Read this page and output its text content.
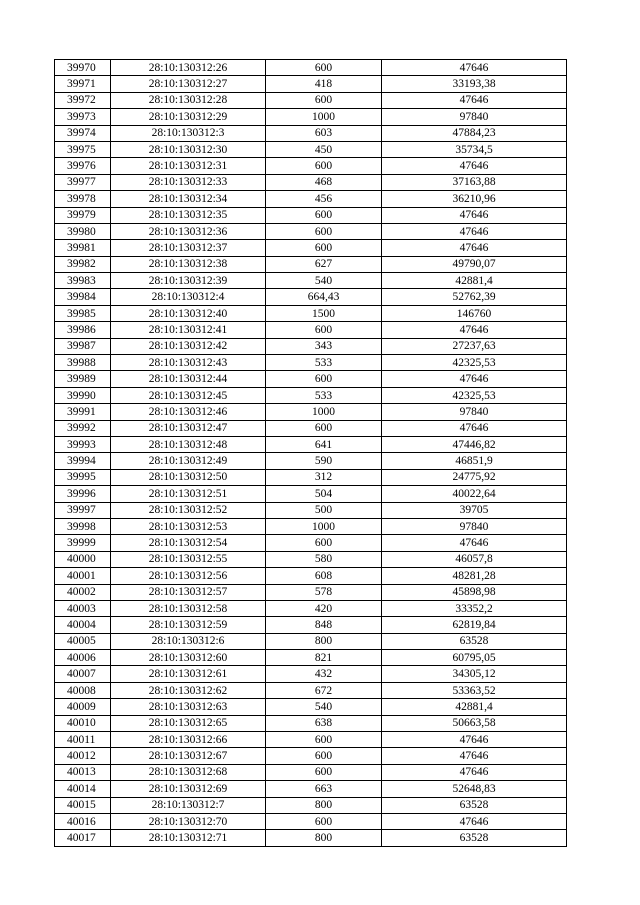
39970	28:10:130312:26	600	47646
39971	28:10:130312:27	418	33193,38
39972	28:10:130312:28	600	47646
39973	28:10:130312:29	1000	97840
39974	28:10:130312:3	603	47884,23
39975	28:10:130312:30	450	35734,5
39976	28:10:130312:31	600	47646
39977	28:10:130312:33	468	37163,88
39978	28:10:130312:34	456	36210,96
39979	28:10:130312:35	600	47646
39980	28:10:130312:36	600	47646
39981	28:10:130312:37	600	47646
39982	28:10:130312:38	627	49790,07
39983	28:10:130312:39	540	42881,4
39984	28:10:130312:4	664,43	52762,39
39985	28:10:130312:40	1500	146760
39986	28:10:130312:41	600	47646
39987	28:10:130312:42	343	27237,63
39988	28:10:130312:43	533	42325,53
39989	28:10:130312:44	600	47646
39990	28:10:130312:45	533	42325,53
39991	28:10:130312:46	1000	97840
39992	28:10:130312:47	600	47646
39993	28:10:130312:48	641	47446,82
39994	28:10:130312:49	590	46851,9
39995	28:10:130312:50	312	24775,92
39996	28:10:130312:51	504	40022,64
39997	28:10:130312:52	500	39705
39998	28:10:130312:53	1000	97840
39999	28:10:130312:54	600	47646
40000	28:10:130312:55	580	46057,8
40001	28:10:130312:56	608	48281,28
40002	28:10:130312:57	578	45898,98
40003	28:10:130312:58	420	33352,2
40004	28:10:130312:59	848	62819,84
40005	28:10:130312:6	800	63528
40006	28:10:130312:60	821	60795,05
40007	28:10:130312:61	432	34305,12
40008	28:10:130312:62	672	53363,52
40009	28:10:130312:63	540	42881,4
40010	28:10:130312:65	638	50663,58
40011	28:10:130312:66	600	47646
40012	28:10:130312:67	600	47646
40013	28:10:130312:68	600	47646
40014	28:10:130312:69	663	52648,83
40015	28:10:130312:7	800	63528
40016	28:10:130312:70	600	47646
40017	28:10:130312:71	800	63528
